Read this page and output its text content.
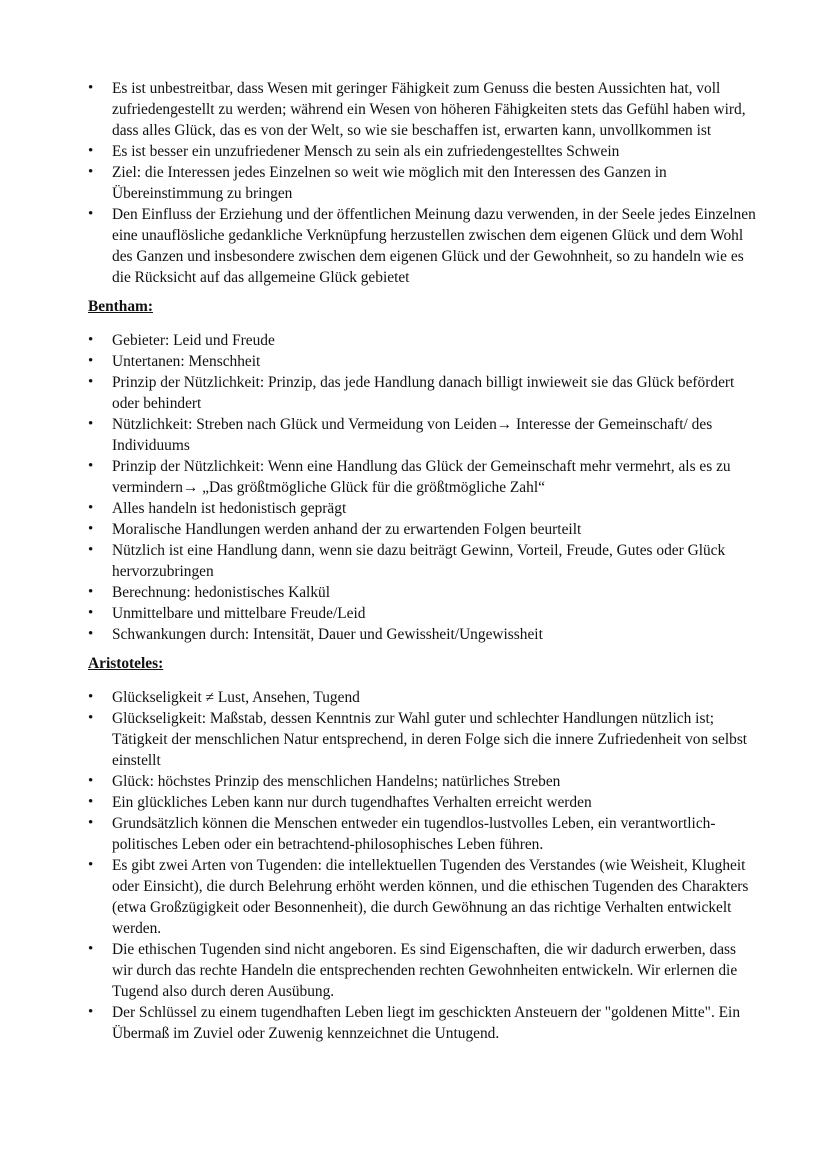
• Es ist unbestreitbar, dass Wesen mit geringer Fähigkeit zum Genuss die besten Aussichten hat, voll zufriedengestellt zu werden; während ein Wesen von höheren Fähigkeiten stets das Gefühl haben wird, dass alles Glück, das es von der Welt, so wie sie beschaffen ist, erwarten kann, unvollkommen ist
• Es ist besser ein unzufriedener Mensch zu sein als ein zufriedengestelltes Schwein
• Ziel: die Interessen jedes Einzelnen so weit wie möglich mit den Interessen des Ganzen in Übereinstimmung zu bringen
• Den Einfluss der Erziehung und der öffentlichen Meinung dazu verwenden, in der Seele jedes Einzelnen eine unauflösliche gedankliche Verknüpfung herzustellen zwischen dem eigenen Glück und dem Wohl des Ganzen und insbesondere zwischen dem eigenen Glück und der Gewohnheit, so zu handeln wie es die Rücksicht auf das allgemeine Glück gebietet
Bentham:
• Gebieter: Leid und Freude
• Untertanen: Menschheit
• Prinzip der Nützlichkeit: Prinzip, das jede Handlung danach billigt inwieweit sie das Glück befördert oder behindert
• Nützlichkeit: Streben nach Glück und Vermeidung von Leiden→ Interesse der Gemeinschaft/ des Individuums
• Prinzip der Nützlichkeit: Wenn eine Handlung das Glück der Gemeinschaft mehr vermehrt, als es zu vermindern→ „Das größtmögliche Glück für die größtmögliche Zahl“
• Alles handeln ist hedonistisch geprägt
• Moralische Handlungen werden anhand der zu erwartenden Folgen beurteilt
• Nützlich ist eine Handlung dann, wenn sie dazu beiträgt Gewinn, Vorteil, Freude, Gutes oder Glück hervorzubringen
• Berechnung: hedonistisches Kalkül
• Unmittelbare und mittelbare Freude/Leid
• Schwankungen durch: Intensität, Dauer und Gewissheit/Ungewissheit
Aristoteles:
• Glückseligkeit ≠ Lust, Ansehen, Tugend
• Glückseligkeit: Maßstab, dessen Kenntnis zur Wahl guter und schlechter Handlungen nützlich ist; Tätigkeit der menschlichen Natur entsprechend, in deren Folge sich die innere Zufriedenheit von selbst einstellt
• Glück: höchstes Prinzip des menschlichen Handelns; natürliches Streben
• Ein glückliches Leben kann nur durch tugendhaftes Verhalten erreicht werden
• Grundsätzlich können die Menschen entweder ein tugendlos-lustvolles Leben, ein verantwortlich-politisches Leben oder ein betrachtend-philosophisches Leben führen.
• Es gibt zwei Arten von Tugenden: die intellektuellen Tugenden des Verstandes (wie Weisheit, Klugheit oder Einsicht), die durch Belehrung erhöht werden können, und die ethischen Tugenden des Charakters (etwa Großzügigkeit oder Besonnenheit), die durch Gewöhnung an das richtige Verhalten entwickelt werden.
• Die ethischen Tugenden sind nicht angeboren. Es sind Eigenschaften, die wir dadurch erwerben, dass wir durch das rechte Handeln die entsprechenden rechten Gewohnheiten entwickeln. Wir erlernen die Tugend also durch deren Ausübung.
• Der Schlüssel zu einem tugendhaften Leben liegt im geschickten Ansteuern der "goldenen Mitte". Ein Übermaß im Zuviel oder Zuwenig kennzeichnet die Untugend.
